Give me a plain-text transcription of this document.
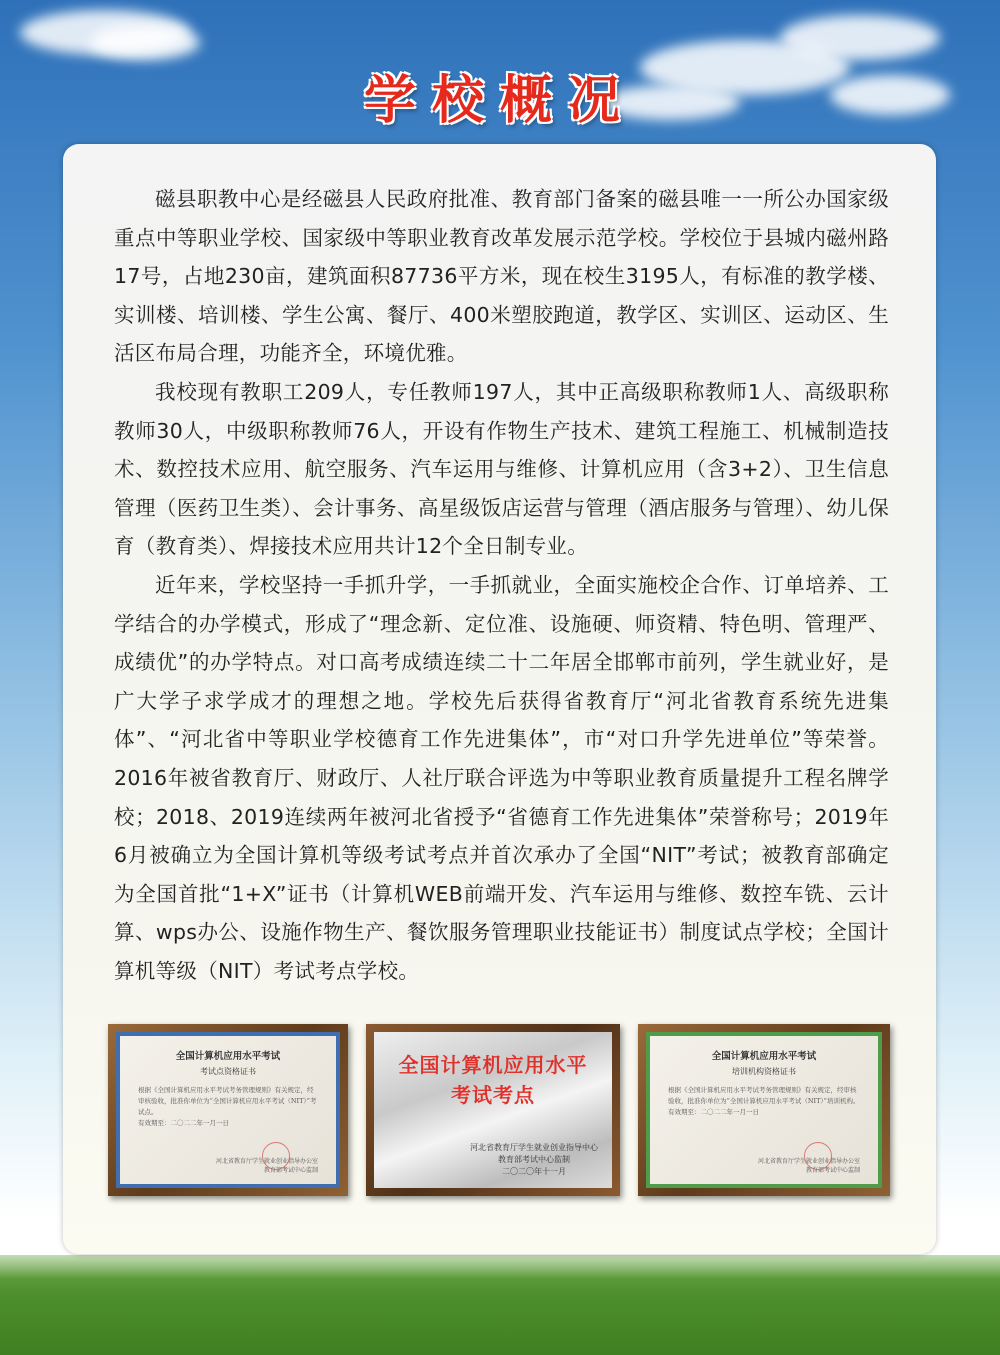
学校概况

磁县职教中心是经磁县人民政府批准、教育部门备案的磁县唯一一所公办国家级重点中等职业学校、国家级中等职业教育改革发展示范学校。学校位于县城内磁州路17号，占地230亩，建筑面积87736平方米，现在校生3195人，有标准的教学楼、实训楼、培训楼、学生公寓、餐厅、400米塑胶跑道，教学区、实训区、运动区、生活区布局合理，功能齐全，环境优雅。

我校现有教职工209人，专任教师197人，其中正高级职称教师1人、高级职称教师30人，中级职称教师76人，开设有作物生产技术、建筑工程施工、机械制造技术、数控技术应用、航空服务、汽车运用与维修、计算机应用（含3+2）、卫生信息管理（医药卫生类）、会计事务、高星级饭店运营与管理（酒店服务与管理）、幼儿保育（教育类）、焊接技术应用共计12个全日制专业。

近年来，学校坚持一手抓升学，一手抓就业，全面实施校企合作、订单培养、工学结合的办学模式，形成了“理念新、定位准、设施硬、师资精、特色明、管理严、成绩优”的办学特点。对口高考成绩连续二十二年居全邯郸市前列，学生就业好，是广大学子求学成才的理想之地。学校先后获得省教育厅“河北省教育系统先进集体”、“河北省中等职业学校德育工作先进集体”，市“对口升学先进单位”等荣誉。2016年被省教育厅、财政厅、人社厅联合评选为中等职业教育质量提升工程名牌学校；2018、2019连续两年被河北省授予“省德育工作先进集体”荣誉称号；2019年6月被确立为全国计算机等级考试考点并首次承办了全国“NIT”考试；被教育部确定为全国首批“1+X”证书（计算机WEB前端开发、汽车运用与维修、数控车铣、云计算、wps办公、设施作物生产、餐饮服务管理职业技能证书）制度试点学校；全国计算机等级（NIT）考试考点学校。

全国计算机应用水平考试
考试点资格证书
根据《全国计算机应用水平考试考务管理规则》有关规定，经审核验收，批准你单位为“全国计算机应用水平考试（NIT）”考试点。
有效期至：二〇二二年一月一日
河北省教育厅学生就业创业指导办公室
教育部考试中心监制
全国计算机应用水平
考试考点
河北省教育厅学生就业创业指导中心
教育部考试中心监制
二〇二〇年十一月
全国计算机应用水平考试
培训机构资格证书
根据《全国计算机应用水平考试考务管理规则》有关规定，经审核验收，批准你单位为“全国计算机应用水平考试（NIT）”培训机构。
有效期至：二〇二二年一月一日
河北省教育厅学生就业创业指导办公室
教育部考试中心监制
